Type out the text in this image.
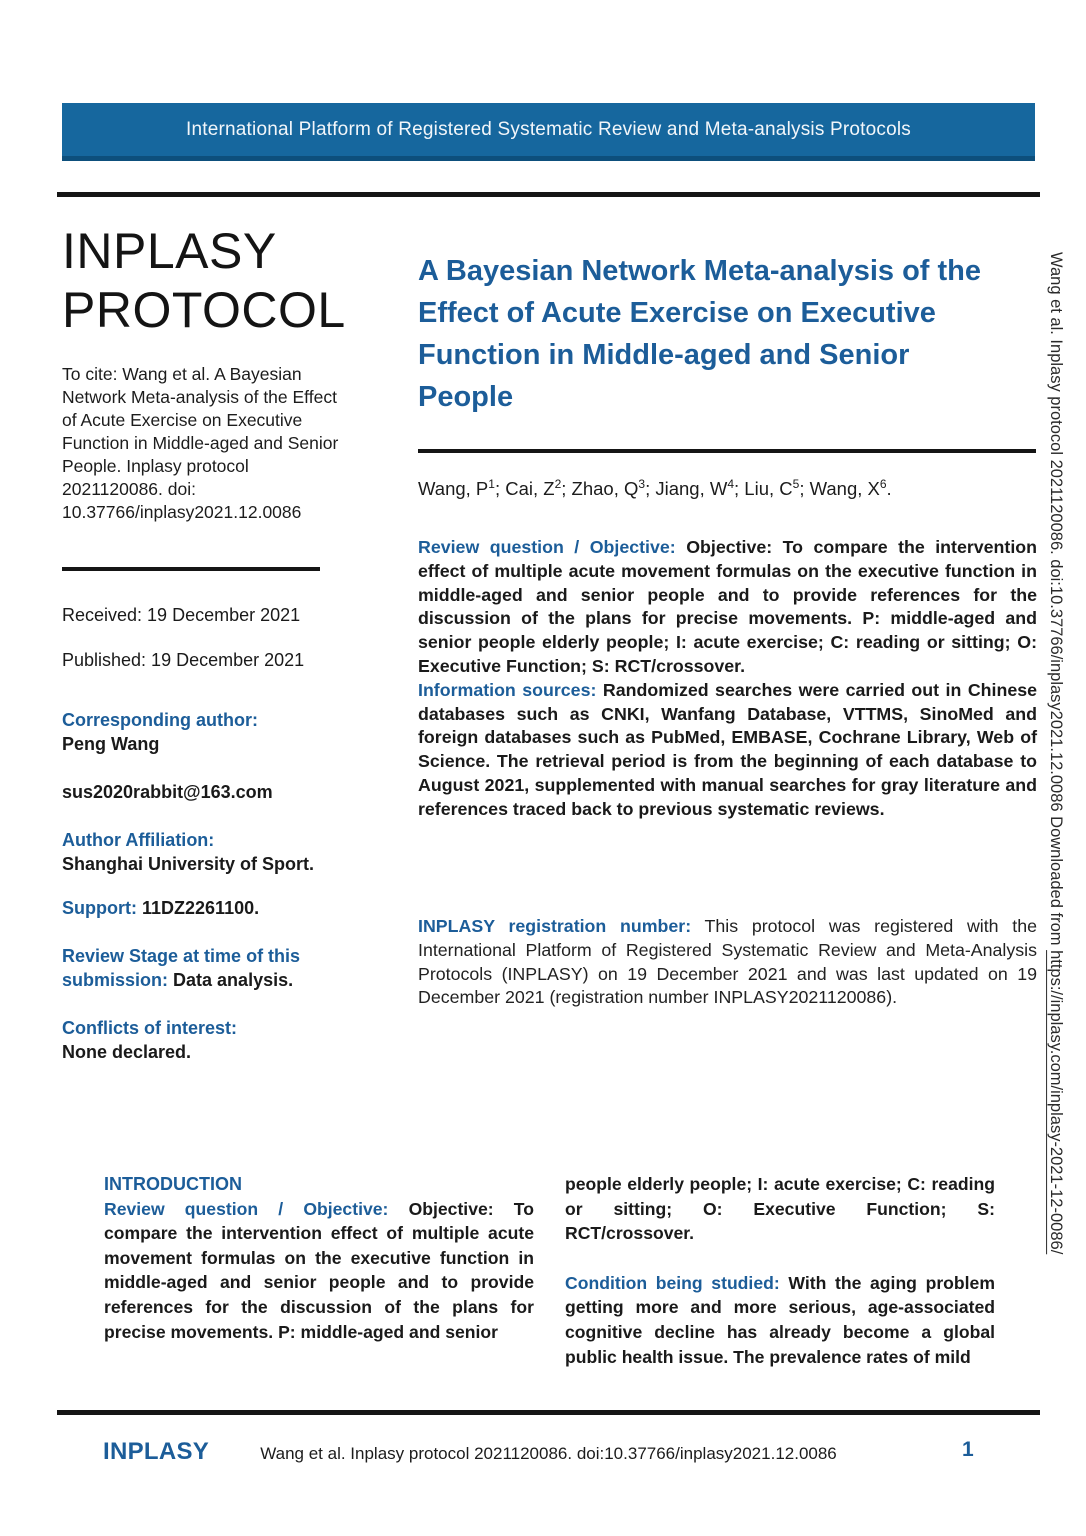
International Platform of Registered Systematic Review and Meta-analysis Protocols
INPLASY
PROTOCOL
To cite: Wang et al. A Bayesian Network Meta-analysis of the Effect of Acute Exercise on Executive Function in Middle-aged and Senior People. Inplasy protocol 2021120086. doi: 10.37766/inplasy2021.12.0086
Received: 19 December 2021
Published: 19 December 2021
Corresponding author:
Peng Wang
sus2020rabbit@163.com
Author Affiliation:
Shanghai University of Sport.
Support: 11DZ2261100.
Review Stage at time of this submission: Data analysis.
Conflicts of interest:
None declared.
A Bayesian Network Meta-analysis of the Effect of Acute Exercise on Executive Function in Middle-aged and Senior People
Wang, $P^1$; Cai, $Z^2$; Zhao, $Q^3$; Jiang, $W^4$; Liu, $C^5$; Wang, $X^6$.

Review question / Objective: Objective: To compare the intervention effect of multiple acute movement formulas on the executive function in middle-aged and senior people and to provide references for the discussion of the plans for precise movements. P: middle-aged and senior people elderly people; I: acute exercise; C: reading or sitting; O: Executive Function; S: RCT/crossover.

Information sources: Randomized searches were carried out in Chinese databases such as CNKI, Wanfang Database, VTTMS, SinoMed and foreign databases such as PubMed, EMBASE, Cochrane Library, Web of Science. The retrieval period is from the beginning of each database to August 2021, supplemented with manual searches for gray literature and references traced back to previous systematic reviews.

INPLASY registration number: This protocol was registered with the International Platform of Registered Systematic Review and Meta-Analysis Protocols (INPLASY) on 19 December 2021 and was last updated on 19 December 2021 (registration number INPLASY2021120086).

INTRODUCTION

Review question / Objective: Objective: To compare the intervention effect of multiple acute movement formulas on the executive function in middle-aged and senior people and to provide references for the discussion of the plans for precise movements. P: middle-aged and senior

people elderly people; I: acute exercise; C: reading or sitting; O: Executive Function; S: RCT/crossover.

Condition being studied: With the aging problem getting more and more serious, age-associated cognitive decline has already become a global public health issue. The prevalence rates of mild

INPLASY	Wang et al. Inplasy protocol 2021120086. doi:10.37766/inplasy2021.12.0086	1
Wang et al. Inplasy protocol 2021120086. doi:10.37766/inplasy2021.12.0086 Downloaded from https://inplasy.com/inplasy-2021-12-0086/
